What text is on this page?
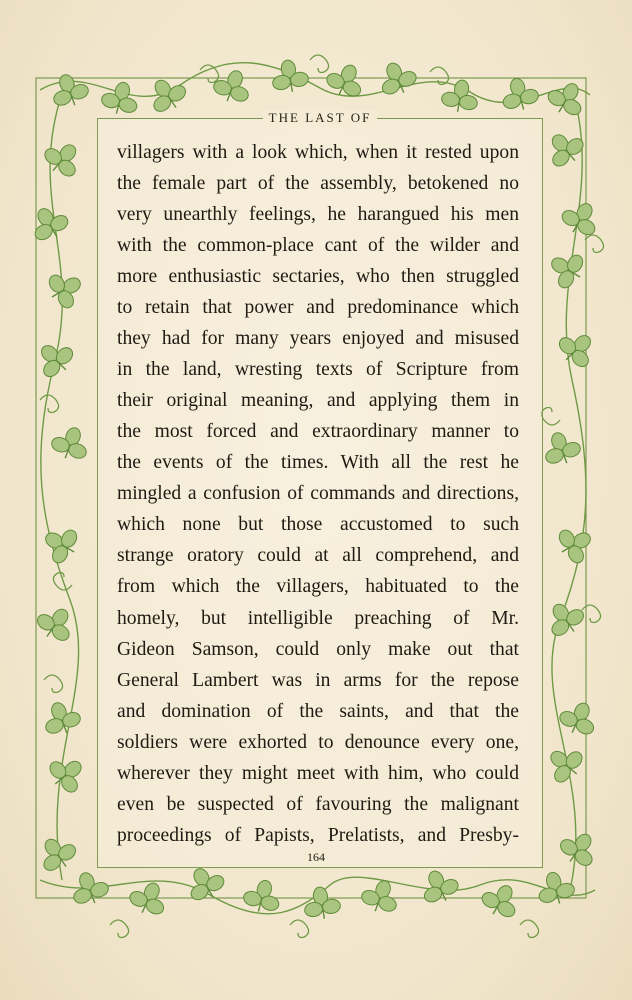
THE LAST OF
villagers with a look which, when it rested upon
the female part of the assembly, betokened no
very unearthly feelings, he harangued his men
with the common-place cant of the wilder and
more enthusiastic sectaries, who then struggled
to retain that power and predominance which
they had for many years enjoyed and misused
in the land, wresting texts of Scripture from
their original meaning, and applying them in
the most forced and extraordinary manner to
the events of the times. With all the rest he
mingled a confusion of commands and directions,
which none but those accustomed to such
strange oratory could at all comprehend, and
from which the villagers, habituated to the
homely, but intelligible preaching of Mr.
Gideon Samson, could only make out that
General Lambert was in arms for the repose
and domination of the saints, and that the
soldiers were exhorted to denounce every one,
wherever they might meet with him, who could
even be suspected of favouring the malignant
proceedings of Papists, Prelatists, and Presby-
164
